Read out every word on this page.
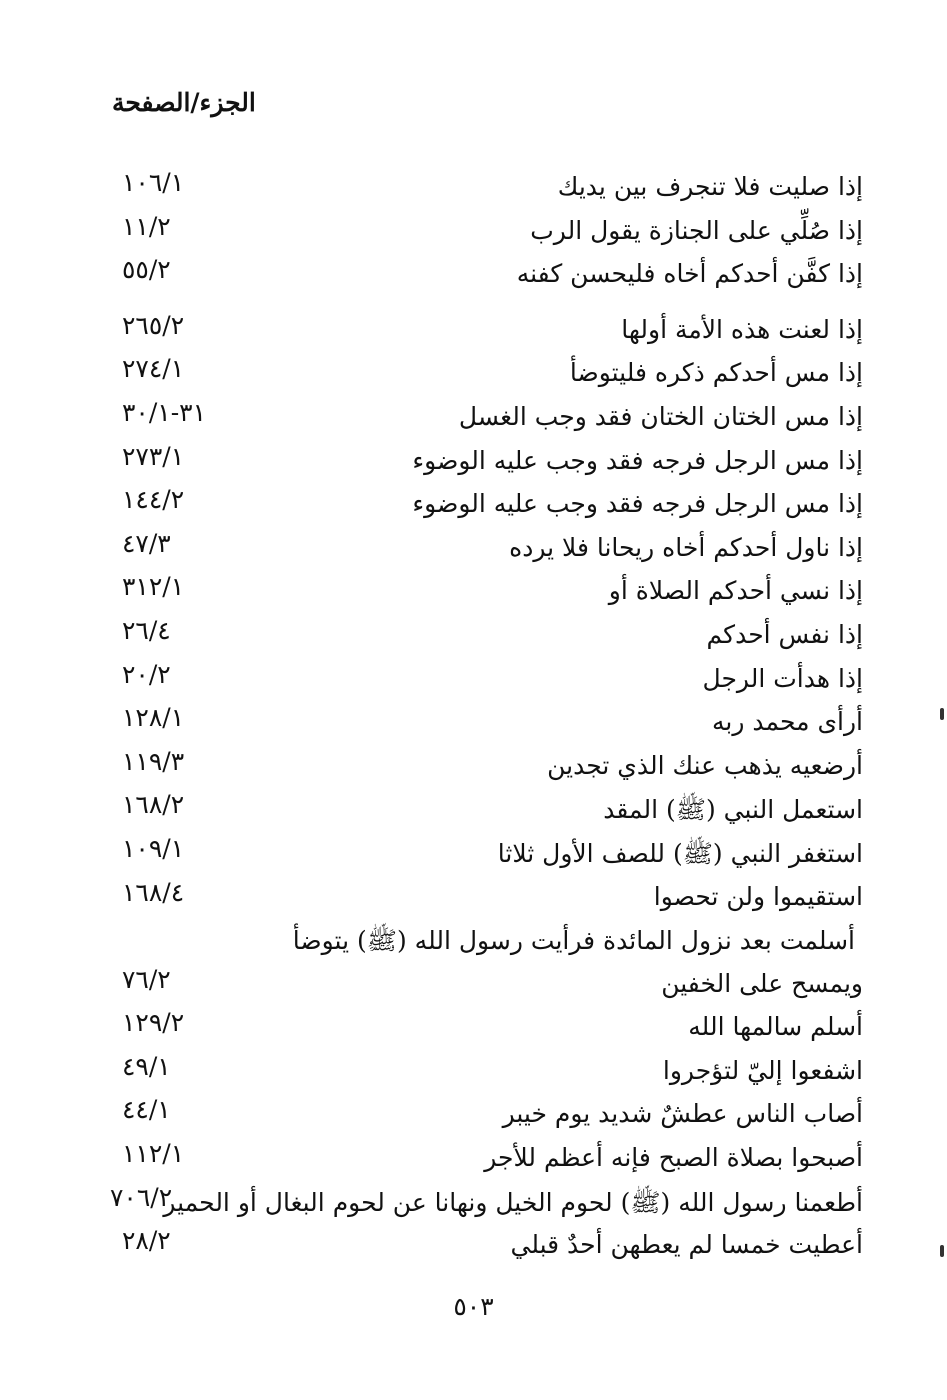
الجزء/الصفحة
إذا صليت فلا تنجرف بين يديك
١٠٦/١
إذا صُلِّي على الجنازة يقول الرب
١١/٢
إذا كفَّن أحدكم أخاه فليحسن كفنه
٥٥/٢
إذا لعنت هذه الأمة أولها
٢٦٥/٢
إذا مس أحدكم ذكره فليتوضأ
٢٧٤/١
إذا مس الختان الختان فقد وجب الغسل
٣١-٣٠/١
إذا مس الرجل فرجه فقد وجب عليه الوضوء
٢٧٣/١
إذا مس الرجل فرجه فقد وجب عليه الوضوء
١٤٤/٢
إذا ناول أحدكم أخاه ريحانا فلا يرده
٤٧/٣
إذا نسي أحدكم الصلاة أو
٣١٢/١
إذا نفس أحدكم
٢٦/٤
إذا هدأت الرجل
٢٠/٢
أرأى محمد ربه
١٢٨/١
أرضعيه يذهب عنك الذي تجدين
١١٩/٣
استعمل النبي (ﷺ) المقد
١٦٨/٢
استغفر النبي (ﷺ) للصف الأول ثلاثا
١٠٩/١
استقيموا ولن تحصوا
١٦٨/٤
أسلمت بعد نزول المائدة فرأيت رسول الله (ﷺ) يتوضأ
ويمسح على الخفين
٧٦/٢
أسلم سالمها الله
١٢٩/٢
اشفعوا إليّ لتؤجروا
٤٩/١
أصاب الناس عطشٌ شديد يوم خيبر
٤٤/١
أصبحوا بصلاة الصبح فإنه أعظم للأجر
١١٢/١
أطعمنا رسول الله (ﷺ) لحوم الخيل ونهانا عن لحوم البغال أو الحمير
٧٠٦/٢
أعطيت خمسا لم يعطهن أحدٌ قبلي
٢٨/٢
٥٠٣
